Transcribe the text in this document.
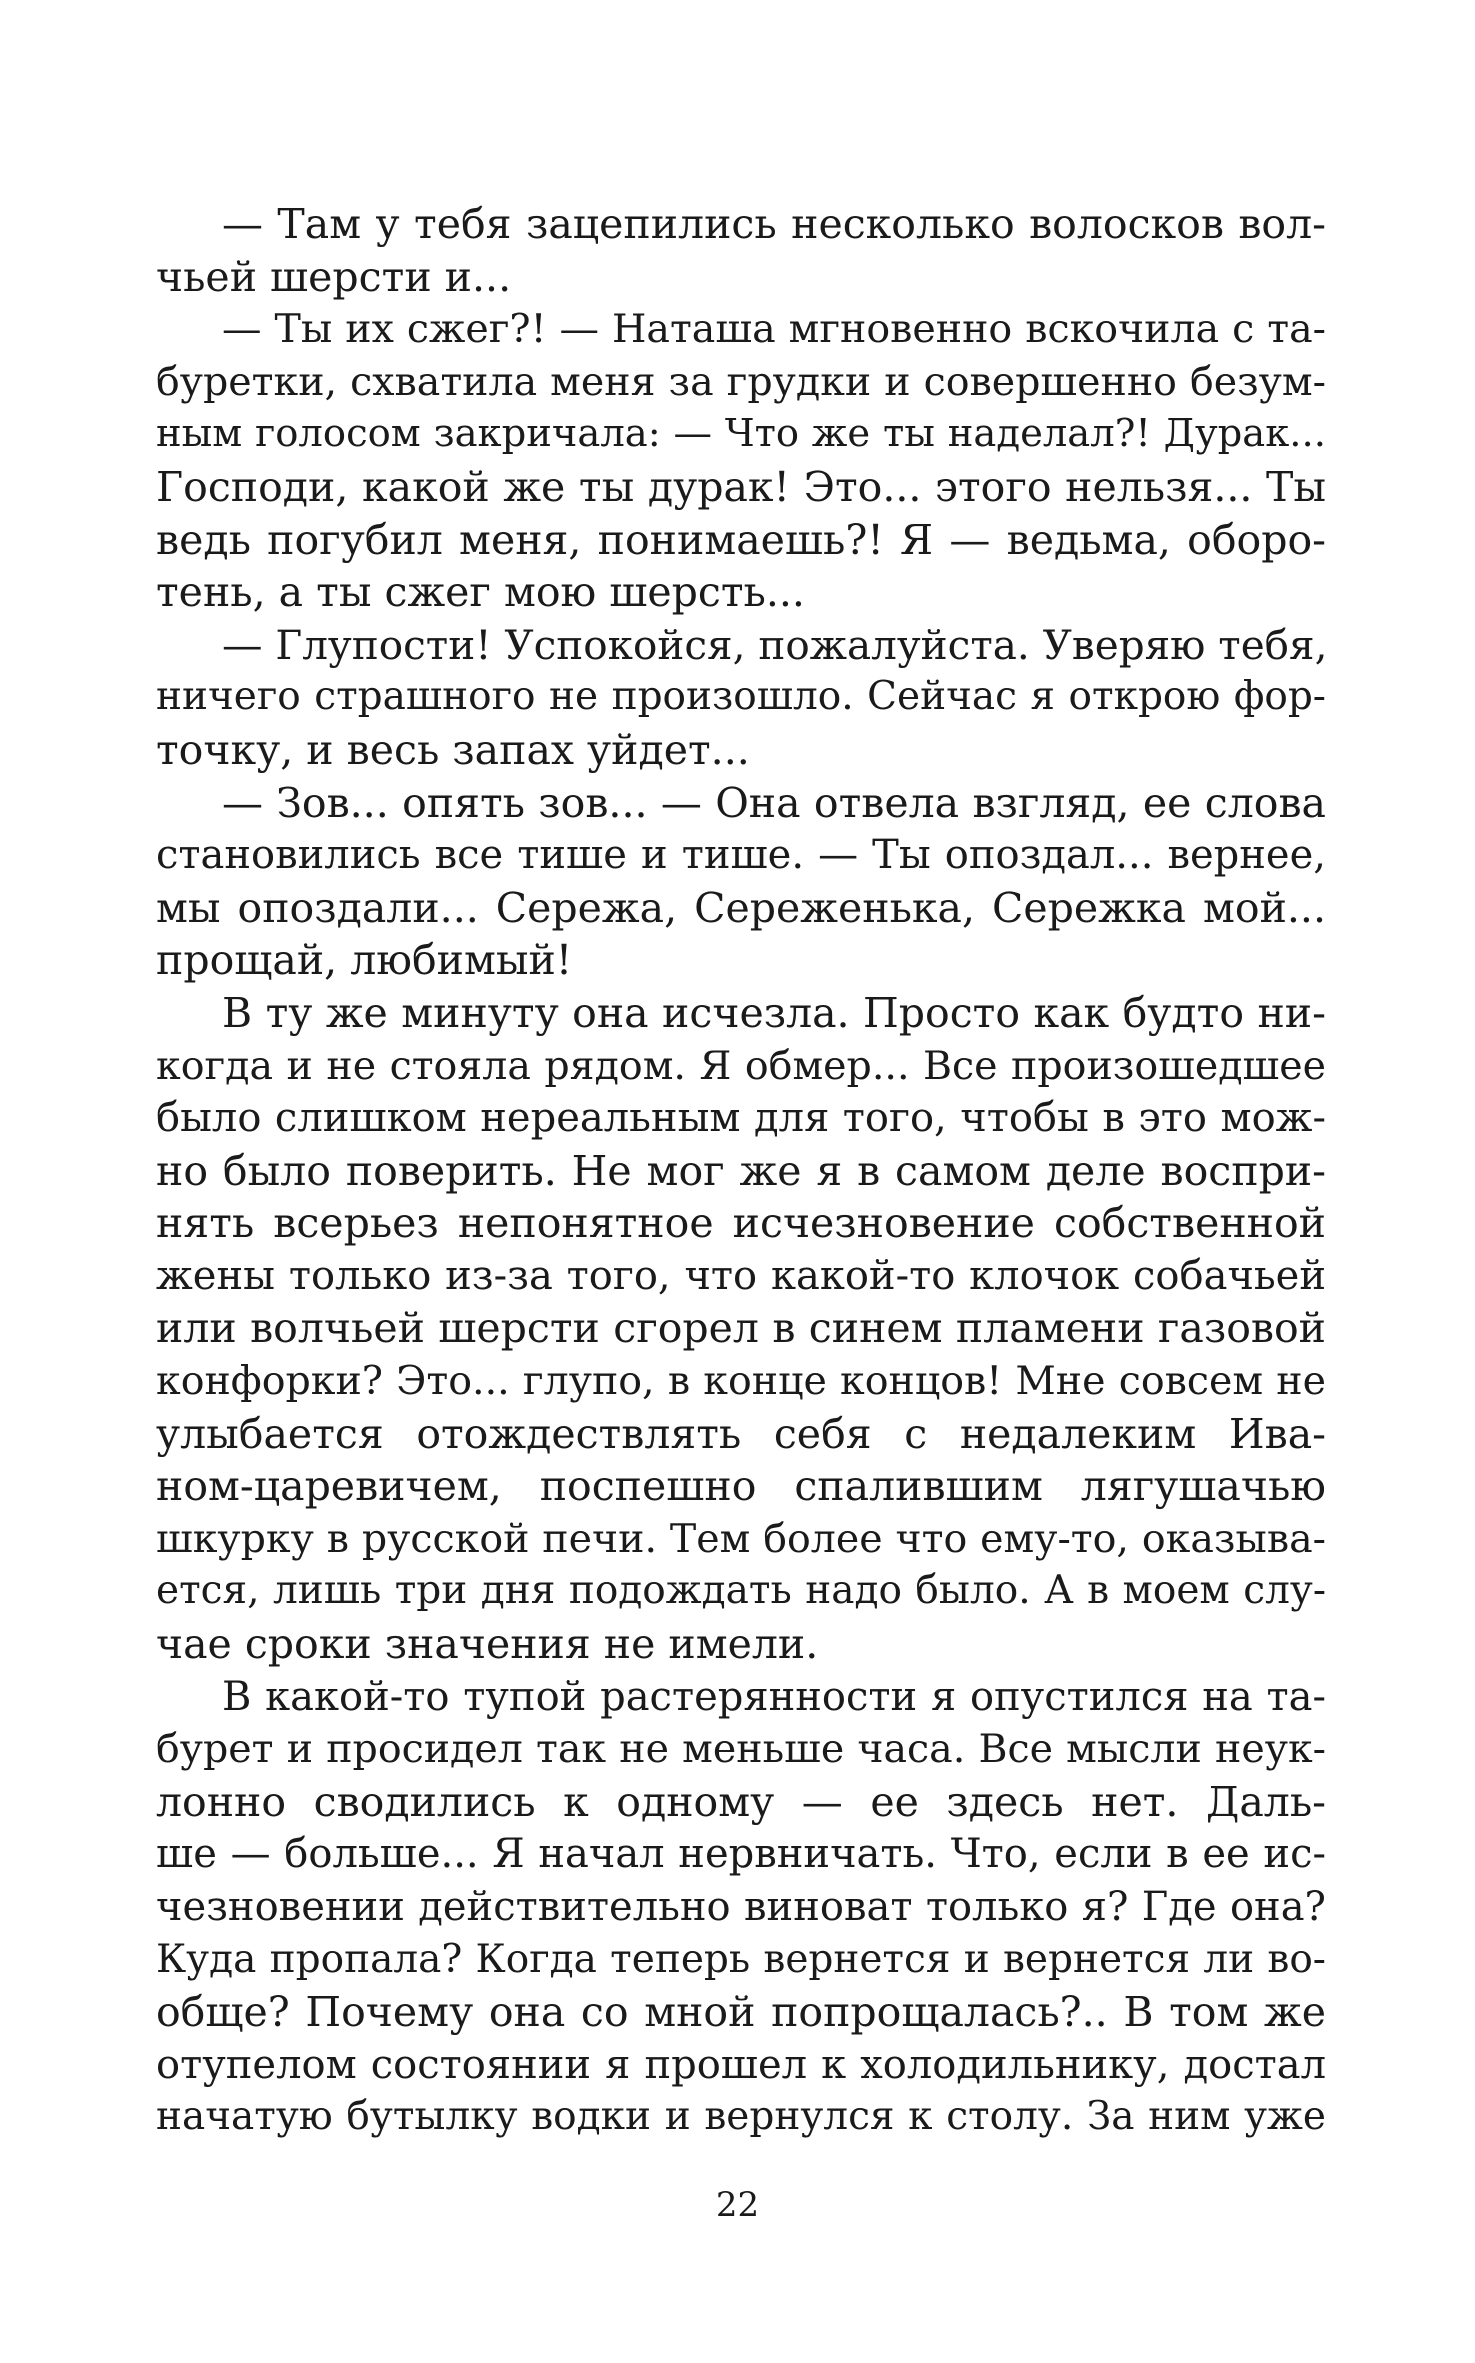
— Там у тебя зацепились несколько волосков вол-
чьей шерсти и...
— Ты их сжег?! — Наташа мгновенно вскочила с та-
буретки, схватила меня за грудки и совершенно безум-
ным голосом закричала: — Что же ты наделал?! Дурак...
Господи, какой же ты дурак! Это... этого нельзя... Ты
ведь погубил меня, понимаешь?! Я — ведьма, оборо-
тень, а ты сжег мою шерсть...
— Глупости! Успокойся, пожалуйста. Уверяю тебя,
ничего страшного не произошло. Сейчас я открою фор-
точку, и весь запах уйдет...
— Зов... опять зов... — Она отвела взгляд, ее слова
становились все тише и тише. — Ты опоздал... вернее,
мы опоздали... Сережа, Сереженька, Сережка мой...
прощай, любимый!
В ту же минуту она исчезла. Просто как будто ни-
когда и не стояла рядом. Я обмер... Все произошедшее
было слишком нереальным для того, чтобы в это мож-
но было поверить. Не мог же я в самом деле воспри-
нять всерьез непонятное исчезновение собственной
жены только из-за того, что какой-то клочок собачьей
или волчьей шерсти сгорел в синем пламени газовой
конфорки? Это... глупо, в конце концов! Мне совсем не
улыбается отождествлять себя с недалеким Ива-
ном-царевичем, поспешно спалившим лягушачью
шкурку в русской печи. Тем более что ему-то, оказыва-
ется, лишь три дня подождать надо было. А в моем слу-
чае сроки значения не имели.
В какой-то тупой растерянности я опустился на та-
бурет и просидел так не меньше часа. Все мысли неук-
лонно сводились к одному — ее здесь нет. Даль-
ше — больше... Я начал нервничать. Что, если в ее ис-
чезновении действительно виноват только я? Где она?
Куда пропала? Когда теперь вернется и вернется ли во-
обще? Почему она со мной попрощалась?.. В том же
отупелом состоянии я прошел к холодильнику, достал
начатую бутылку водки и вернулся к столу. За ним уже
22
